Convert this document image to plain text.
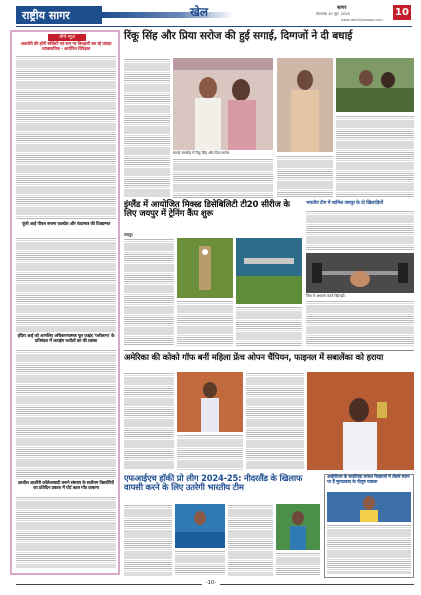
राष्ट्रीय सागर	खेल	सागर
मंगलवार 10 जून, 2025
www.rashtriyasagar.com
10
शीर्ष न्यूज़
अवध्येरी की होगी सब्दिग़ी एवं सार पर बित्तहारी कर रहे प्रांतहा व्यावसायिक - आरोपित विरिड़ाल
पूंजी आई पीएल बनाना फ़लदेश और फंडामात्र की दिख्यम्मत
इंदिरा आई को आगलिए अधिकरणात्मक पूल फ़ाइंड 'पत्तीलाना' के प्रतिमंडल में जताईम चचॉलों का की प्रशंसा
ब्राजील आर्डोनी कॉलेजाबादी बनाने संस्थाए के सर्वोत्तम विद्यार्थियों का प्रतिदिन प्रकाश में पोर्ट काल गॉव दरबाना
रिंकू सिंह और प्रिया सरोज की हुई सगाई, दिग्गजों ने दी बधाई
सगाई समारोह में रिंकू सिंह और प्रिया सरोज
इंग्लैंड में आयोजित मिक्स्ड डिसेबिलिटी टी20 सीरीज के लिए जयपुर में ट्रेनिंग कैंप शुरू
जयपुर
भारतीय टीम में शामिल जयपुर के दो खिलाड़ियों
जिम में अभ्यास करते खिलाड़ी
अमेरिका की कोको गॉफ बनीं महिला फ्रेंच ओपन चैंपियन, फाइनल में सबालेंका को हराया
एफआईएच हॉकी प्रो लीग 2024-25: नीदरलैंड के खिलाफ वापसी करने के लिए उतरेगी भारतीय टीम
आईपीएल के सर्वाधिक सफल गेंदबाजों में तीसरे स्थान पर हैं मुरादाबाद के पीयूष चावला
-10-
